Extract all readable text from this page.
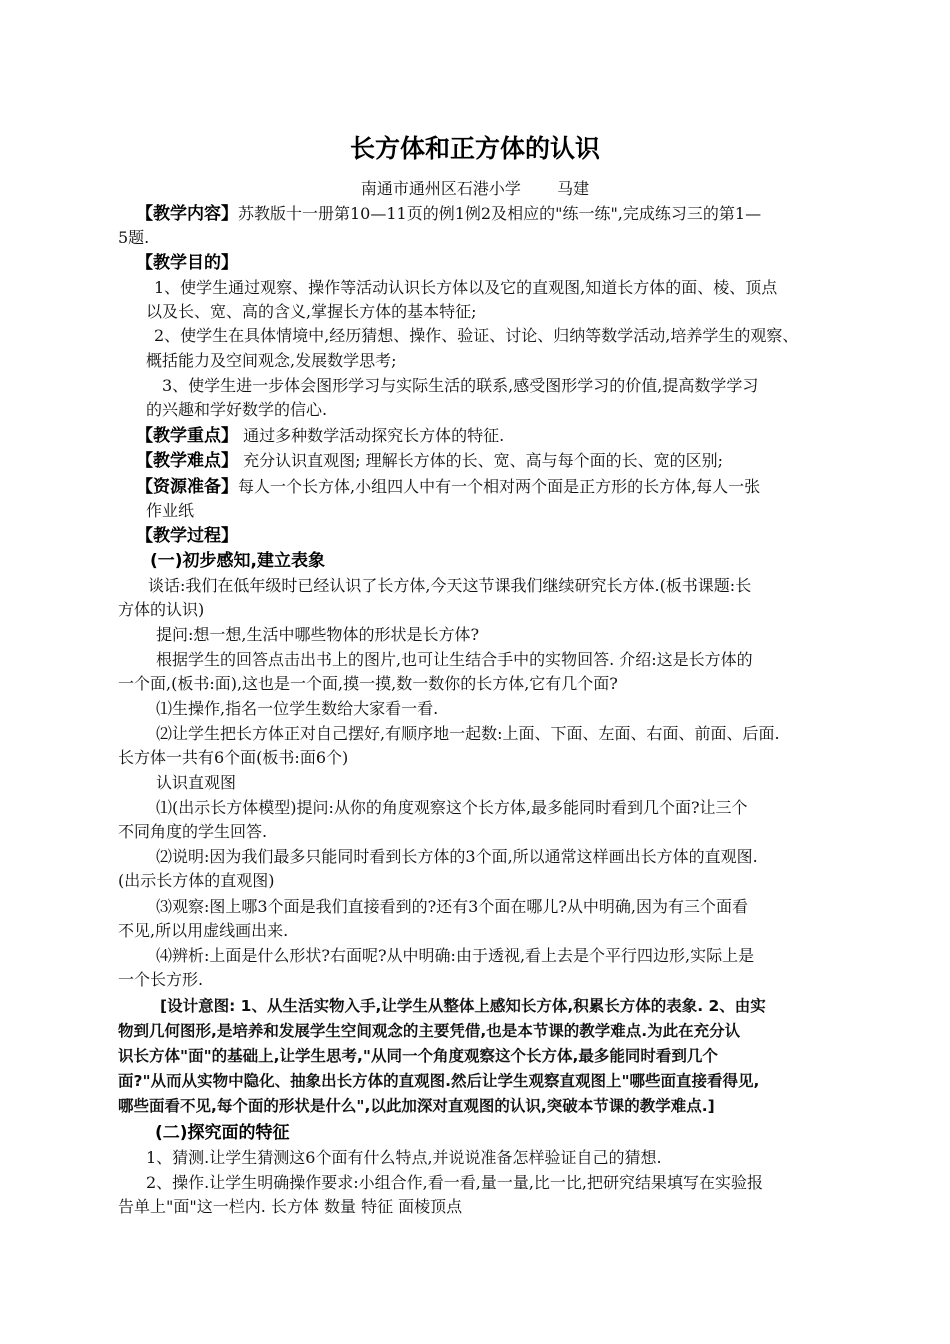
长方体和正方体的认识
南通市通州区石港小学 马建
【教学内容】苏教版十一册第10—11页的例1例2及相应的"练一练",完成练习三的第1—
5题.
【教学目的】
1、使学生通过观察、操作等活动认识长方体以及它的直观图,知道长方体的面、棱、顶点
以及长、宽、高的含义,掌握长方体的基本特征;
2、使学生在具体情境中,经历猜想、操作、验证、讨论、归纳等数学活动,培养学生的观察、
概括能力及空间观念,发展数学思考;
3、使学生进一步体会图形学习与实际生活的联系,感受图形学习的价值,提高数学学习
的兴趣和学好数学的信心.
【教学重点】 通过多种数学活动探究长方体的特征.
【教学难点】 充分认识直观图; 理解长方体的长、宽、高与每个面的长、宽的区别;
【资源准备】每人一个长方体,小组四人中有一个相对两个面是正方形的长方体,每人一张
作业纸
【教学过程】
(一)初步感知,建立表象
谈话:我们在低年级时已经认识了长方体,今天这节课我们继续研究长方体.(板书课题:长
方体的认识)
提问:想一想,生活中哪些物体的形状是长方体?
根据学生的回答点击出书上的图片,也可让生结合手中的实物回答. 介绍:这是长方体的
一个面,(板书:面),这也是一个面,摸一摸,数一数你的长方体,它有几个面?
⑴生操作,指名一位学生数给大家看一看.
⑵让学生把长方体正对自己摆好,有顺序地一起数:上面、下面、左面、右面、前面、后面.
长方体一共有6个面(板书:面6个)
认识直观图
⑴(出示长方体模型)提问:从你的角度观察这个长方体,最多能同时看到几个面?让三个
不同角度的学生回答.
⑵说明:因为我们最多只能同时看到长方体的3个面,所以通常这样画出长方体的直观图.
(出示长方体的直观图)
⑶观察:图上哪3个面是我们直接看到的?还有3个面在哪儿?从中明确,因为有三个面看
不见,所以用虚线画出来.
⑷辨析:上面是什么形状?右面呢?从中明确:由于透视,看上去是个平行四边形,实际上是
一个长方形.
[设计意图: 1、从生活实物入手,让学生从整体上感知长方体,积累长方体的表象. 2、由实
物到几何图形,是培养和发展学生空间观念的主要凭借,也是本节课的教学难点.为此在充分认
识长方体"面"的基础上,让学生思考,"从同一个角度观察这个长方体,最多能同时看到几个
面?"从而从实物中隐化、抽象出长方体的直观图.然后让学生观察直观图上"哪些面直接看得见,
哪些面看不见,每个面的形状是什么",以此加深对直观图的认识,突破本节课的教学难点.]
(二)探究面的特征
1、猜测.让学生猜测这6个面有什么特点,并说说准备怎样验证自己的猜想.
2、操作.让学生明确操作要求:小组合作,看一看,量一量,比一比,把研究结果填写在实验报
告单上"面"这一栏内. 长方体 数量 特征 面棱顶点
